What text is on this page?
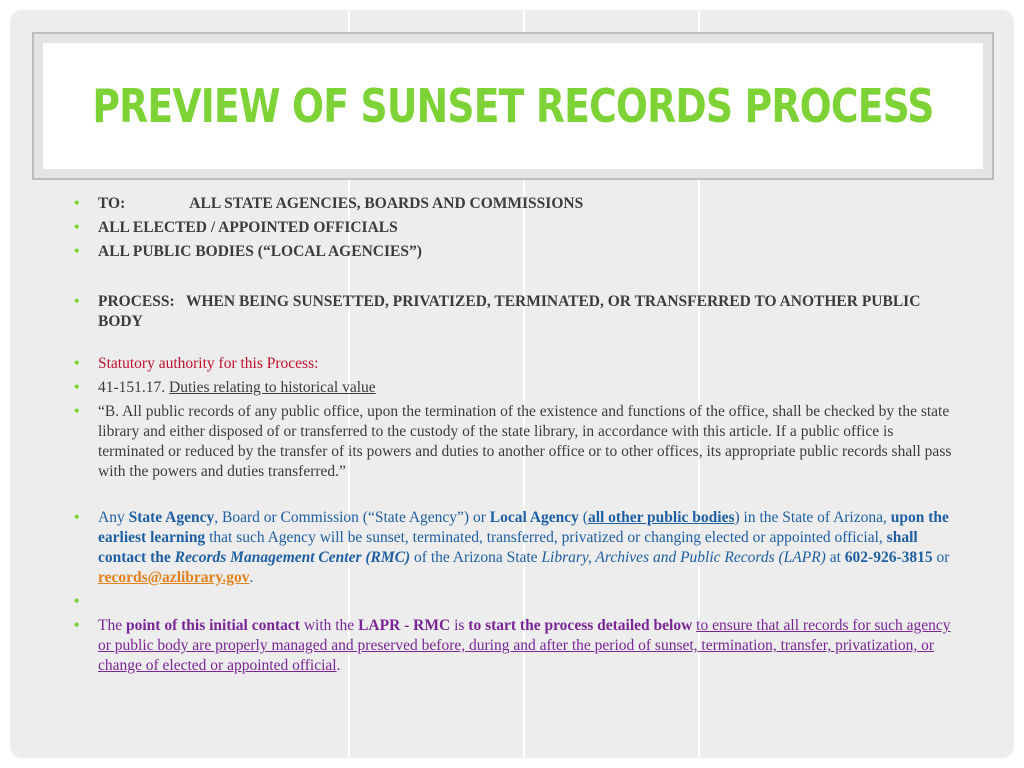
PREVIEW OF SUNSET RECORDS PROCESS
• TO:	ALL STATE AGENCIES, BOARDS AND COMMISSIONS
• ALL ELECTED / APPOINTED OFFICIALS
• ALL PUBLIC BODIES (“LOCAL AGENCIES”)
• PROCESS:   WHEN BEING SUNSETTED, PRIVATIZED, TERMINATED, OR TRANSFERRED TO ANOTHER PUBLIC BODY
• Statutory authority for this Process:
• 41-151.17. Duties relating to historical value
• “B. All public records of any public office, upon the termination of the existence and functions of the office, shall be checked by the state library and either disposed of or transferred to the custody of the state library, in accordance with this article. If a public office is terminated or reduced by the transfer of its powers and duties to another office or to other offices, its appropriate public records shall pass with the powers and duties transferred.”
• Any State Agency, Board or Commission (“State Agency”) or Local Agency (all other public bodies) in the State of Arizona, upon the earliest learning that such Agency will be sunset, terminated, transferred, privatized or changing elected or appointed official, shall contact the Records Management Center (RMC) of the Arizona State Library, Archives and Public Records (LAPR) at 602-926-3815 or records@azlibrary.gov.
•
• The point of this initial contact with the LAPR - RMC is to start the process detailed below to ensure that all records for such agency or public body are properly managed and preserved before, during and after the period of sunset, termination, transfer, privatization, or change of elected or appointed official.
